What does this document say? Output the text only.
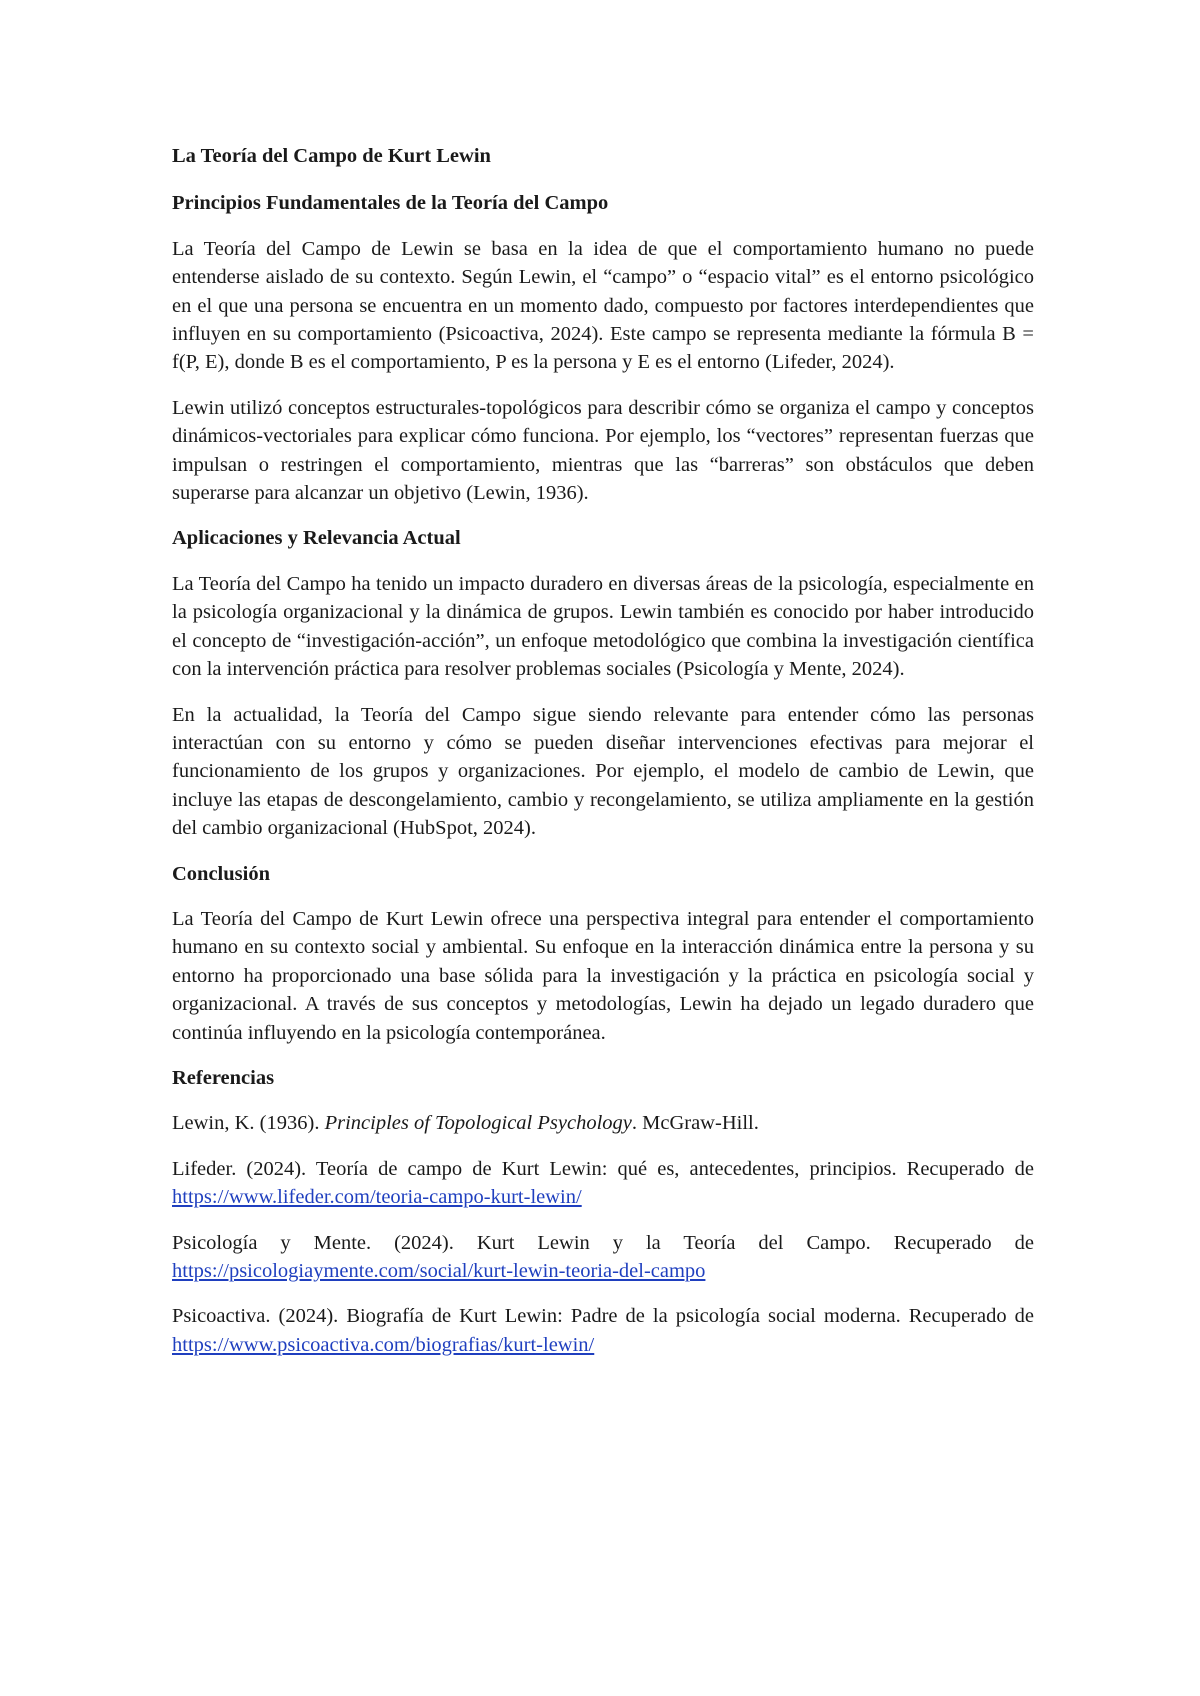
La Teoría del Campo de Kurt Lewin
Principios Fundamentales de la Teoría del Campo

La Teoría del Campo de Lewin se basa en la idea de que el comportamiento humano no puede entenderse aislado de su contexto. Según Lewin, el “campo” o “espacio vital” es el entorno psicológico en el que una persona se encuentra en un momento dado, compuesto por factores interdependientes que influyen en su comportamiento (Psicoactiva, 2024). Este campo se representa mediante la fórmula B = f(P, E), donde B es el comportamiento, P es la persona y E es el entorno (Lifeder, 2024).

Lewin utilizó conceptos estructurales-topológicos para describir cómo se organiza el campo y conceptos dinámicos-vectoriales para explicar cómo funciona. Por ejemplo, los “vectores” representan fuerzas que impulsan o restringen el comportamiento, mientras que las “barreras” son obstáculos que deben superarse para alcanzar un objetivo (Lewin, 1936).

Aplicaciones y Relevancia Actual

La Teoría del Campo ha tenido un impacto duradero en diversas áreas de la psicología, especialmente en la psicología organizacional y la dinámica de grupos. Lewin también es conocido por haber introducido el concepto de “investigación-acción”, un enfoque metodológico que combina la investigación científica con la intervención práctica para resolver problemas sociales (Psicología y Mente, 2024).

En la actualidad, la Teoría del Campo sigue siendo relevante para entender cómo las personas interactúan con su entorno y cómo se pueden diseñar intervenciones efectivas para mejorar el funcionamiento de los grupos y organizaciones. Por ejemplo, el modelo de cambio de Lewin, que incluye las etapas de descongelamiento, cambio y recongelamiento, se utiliza ampliamente en la gestión del cambio organizacional (HubSpot, 2024).

Conclusión

La Teoría del Campo de Kurt Lewin ofrece una perspectiva integral para entender el comportamiento humano en su contexto social y ambiental. Su enfoque en la interacción dinámica entre la persona y su entorno ha proporcionado una base sólida para la investigación y la práctica en psicología social y organizacional. A través de sus conceptos y metodologías, Lewin ha dejado un legado duradero que continúa influyendo en la psicología contemporánea.

Referencias
Lewin, K. (1936). Principles of Topological Psychology. McGraw-Hill.
Lifeder. (2024). Teoría de campo de Kurt Lewin: qué es, antecedentes, principios. Recuperado de https://www.lifeder.com/teoria-campo-kurt-lewin/
Psicología y Mente. (2024). Kurt Lewin y la Teoría del Campo. Recuperado de https://psicologiaymente.com/social/kurt-lewin-teoria-del-campo
Psicoactiva. (2024). Biografía de Kurt Lewin: Padre de la psicología social moderna. Recuperado de https://www.psicoactiva.com/biografias/kurt-lewin/
